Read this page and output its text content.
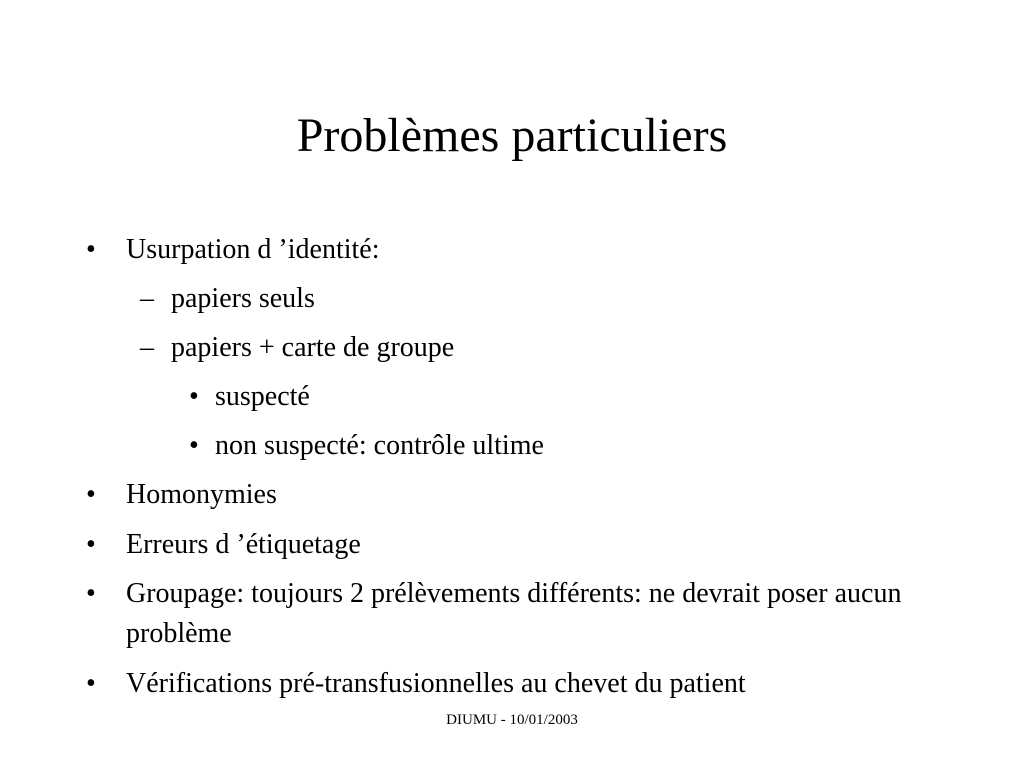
Problèmes particuliers
• Usurpation d ’identité:
– papiers seuls
– papiers + carte de groupe
• suspecté
• non suspecté: contrôle ultime
• Homonymies
• Erreurs d ’étiquetage
• Groupage: toujours 2 prélèvements différents: ne devrait poser aucun problème
• Vérifications pré-transfusionnelles au chevet du patient
DIUMU - 10/01/2003
